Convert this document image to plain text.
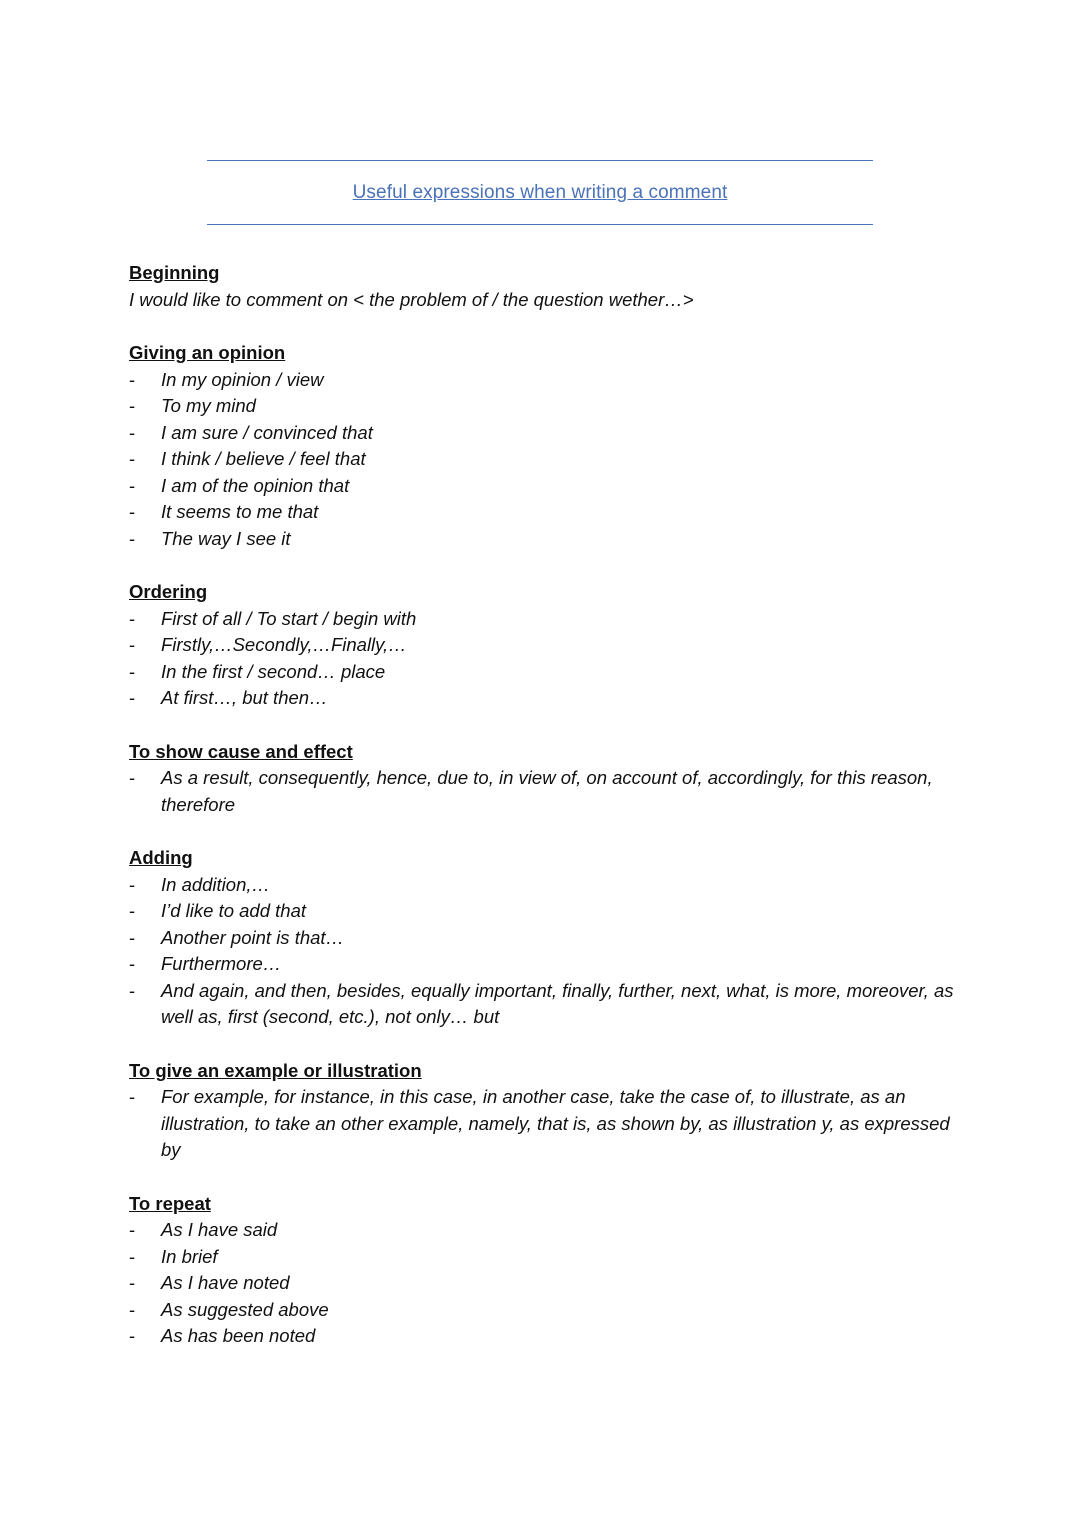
Useful expressions when writing a comment

Beginning

I would like to comment on < the problem of / the question wether…>

Giving an opinion

- In my opinion / view
- To my mind
- I am sure / convinced that
- I think / believe / feel that
- I am of the opinion that
- It seems to me that
- The way I see it

Ordering

- First of all / To start / begin with
- Firstly,…Secondly,…Finally,…
- In the first / second… place
- At first…, but then…

To show cause and effect

- As a result, consequently, hence, due to, in view of, on account of, accordingly, for this reason, therefore

Adding

- In addition,…
- I’d like to add that
- Another point is that…
- Furthermore…
- And again, and then, besides, equally important, finally, further, next, what, is more, moreover, as well as, first (second, etc.), not only… but

To give an example or illustration

- For example, for instance, in this case, in another case, take the case of, to illustrate, as an illustration, to take an other example, namely, that is, as shown by, as illustration y, as expressed by

To repeat

- As I have said
- In brief
- As I have noted
- As suggested above
- As has been noted
